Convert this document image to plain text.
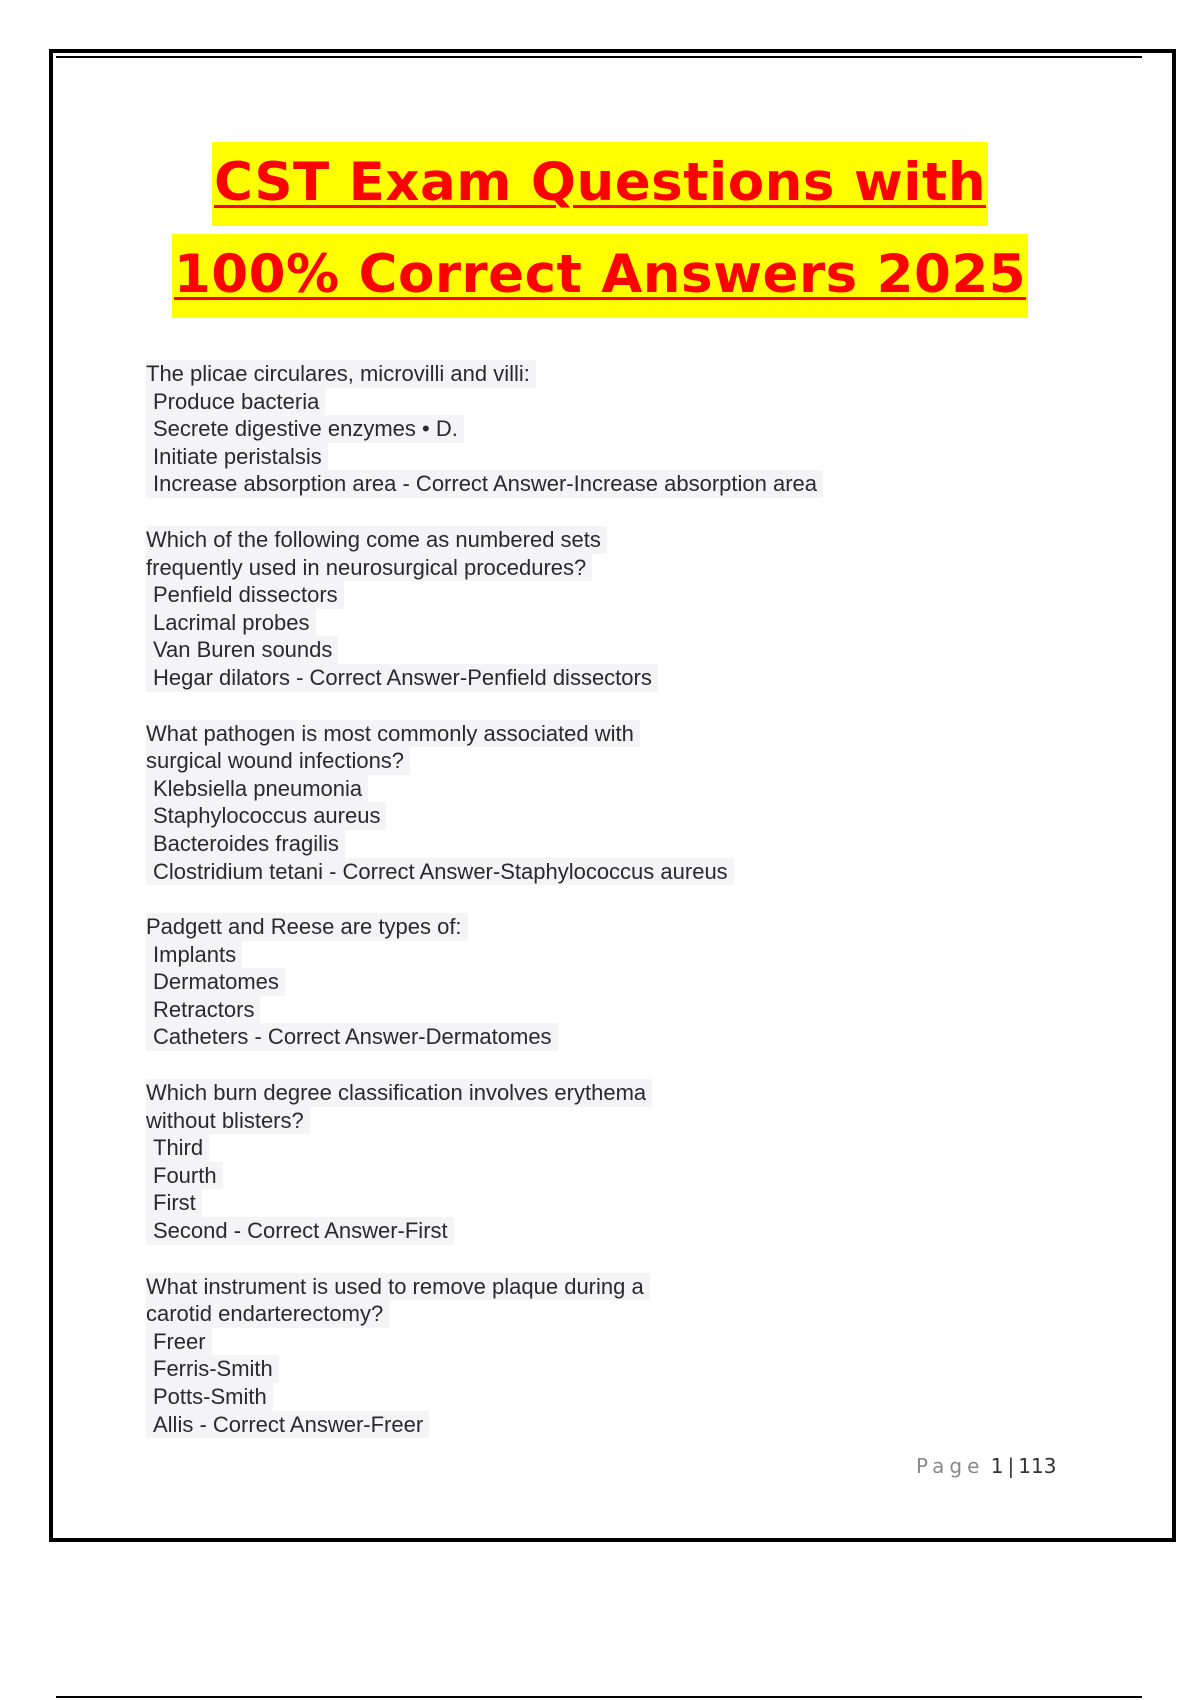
CST Exam Questions with
100% Correct Answers 2025
The plicae circulares, microvilli and villi:
Produce bacteria
Secrete digestive enzymes • D.
Initiate peristalsis
Increase absorption area - Correct Answer-Increase absorption area
Which of the following come as numbered sets
frequently used in neurosurgical procedures?
Penfield dissectors
Lacrimal probes
Van Buren sounds
Hegar dilators - Correct Answer-Penfield dissectors
What pathogen is most commonly associated with
surgical wound infections?
Klebsiella pneumonia
Staphylococcus aureus
Bacteroides fragilis
Clostridium tetani - Correct Answer-Staphylococcus aureus
Padgett and Reese are types of:
Implants
Dermatomes
Retractors
Catheters - Correct Answer-Dermatomes
Which burn degree classification involves erythema
without blisters?
Third
Fourth
First
Second - Correct Answer-First
What instrument is used to remove plaque during a
carotid endarterectomy?
Freer
Ferris-Smith
Potts-Smith
Allis - Correct Answer-Freer
Page 1 | 113
